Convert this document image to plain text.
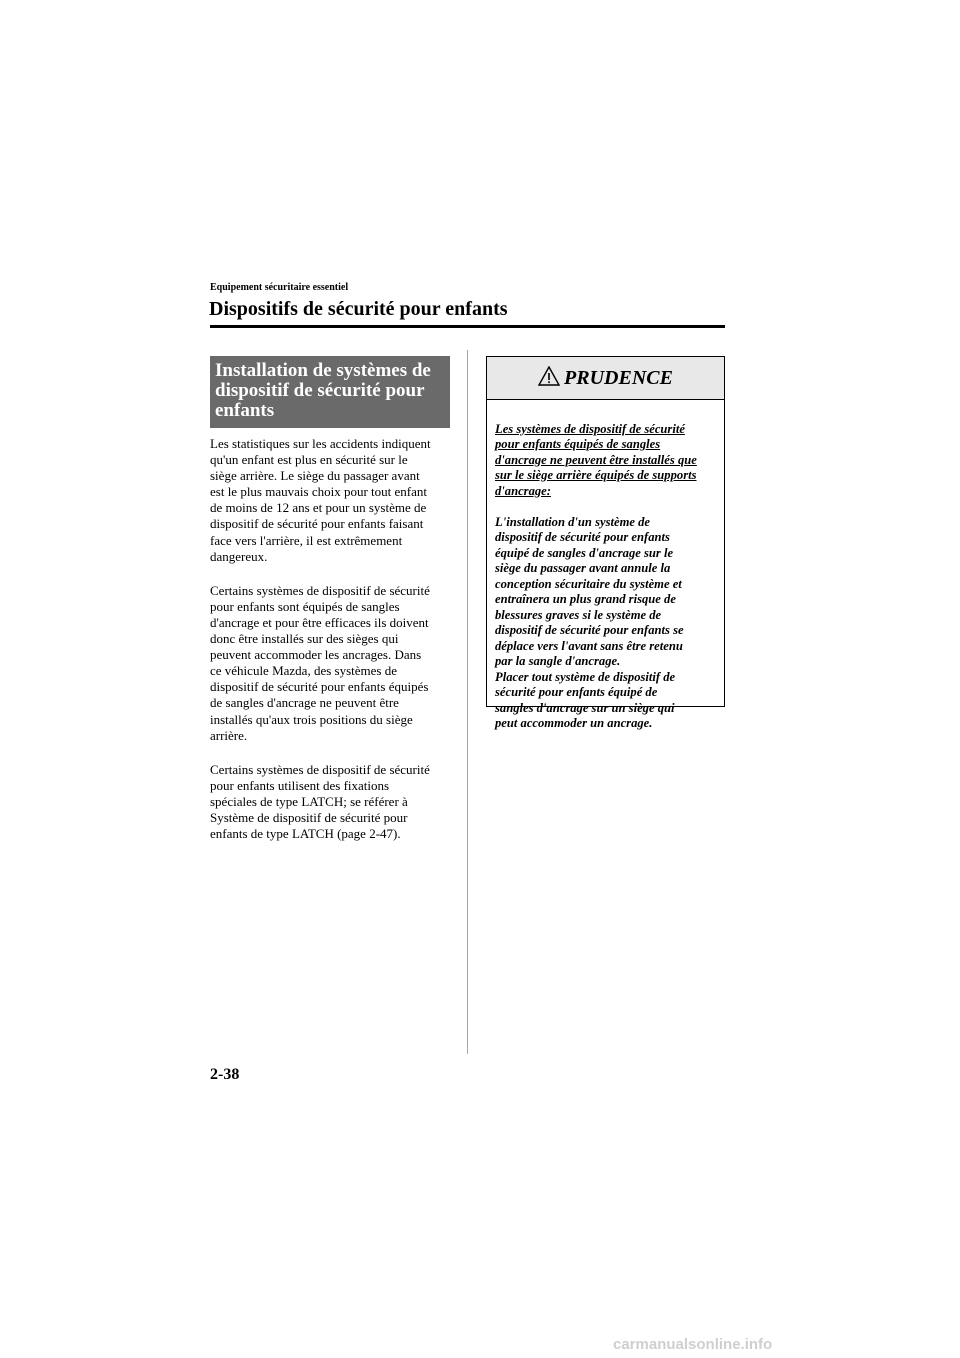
Equipement sécuritaire essentiel
Dispositifs de sécurité pour enfants
Installation de systèmes de
dispositif de sécurité pour
enfants

Les statistiques sur les accidents indiquent
qu'un enfant est plus en sécurité sur le
siège arrière. Le siège du passager avant
est le plus mauvais choix pour tout enfant
de moins de 12 ans et pour un système de
dispositif de sécurité pour enfants faisant
face vers l'arrière, il est extrêmement
dangereux.

Certains systèmes de dispositif de sécurité
pour enfants sont équipés de sangles
d'ancrage et pour être efficaces ils doivent
donc être installés sur des sièges qui
peuvent accommoder les ancrages. Dans
ce véhicule Mazda, des systèmes de
dispositif de sécurité pour enfants équipés
de sangles d'ancrage ne peuvent être
installés qu'aux trois positions du siège
arrière.

Certains systèmes de dispositif de sécurité
pour enfants utilisent des fixations
spéciales de type LATCH; se référer à
Système de dispositif de sécurité pour
enfants de type LATCH (page 2-47).

PRUDENCE

Les systèmes de dispositif de sécurité
pour enfants équipés de sangles
d'ancrage ne peuvent être installés que
sur le siège arrière équipés de supports
d'ancrage:

L'installation d'un système de
dispositif de sécurité pour enfants
équipé de sangles d'ancrage sur le
siège du passager avant annule la
conception sécuritaire du système et
entraînera un plus grand risque de
blessures graves si le système de
dispositif de sécurité pour enfants se
déplace vers l'avant sans être retenu
par la sangle d'ancrage.
Placer tout système de dispositif de
sécurité pour enfants équipé de
sangles d'ancrage sur un siège qui
peut accommoder un ancrage.

2-38
carmanualsonline.info
